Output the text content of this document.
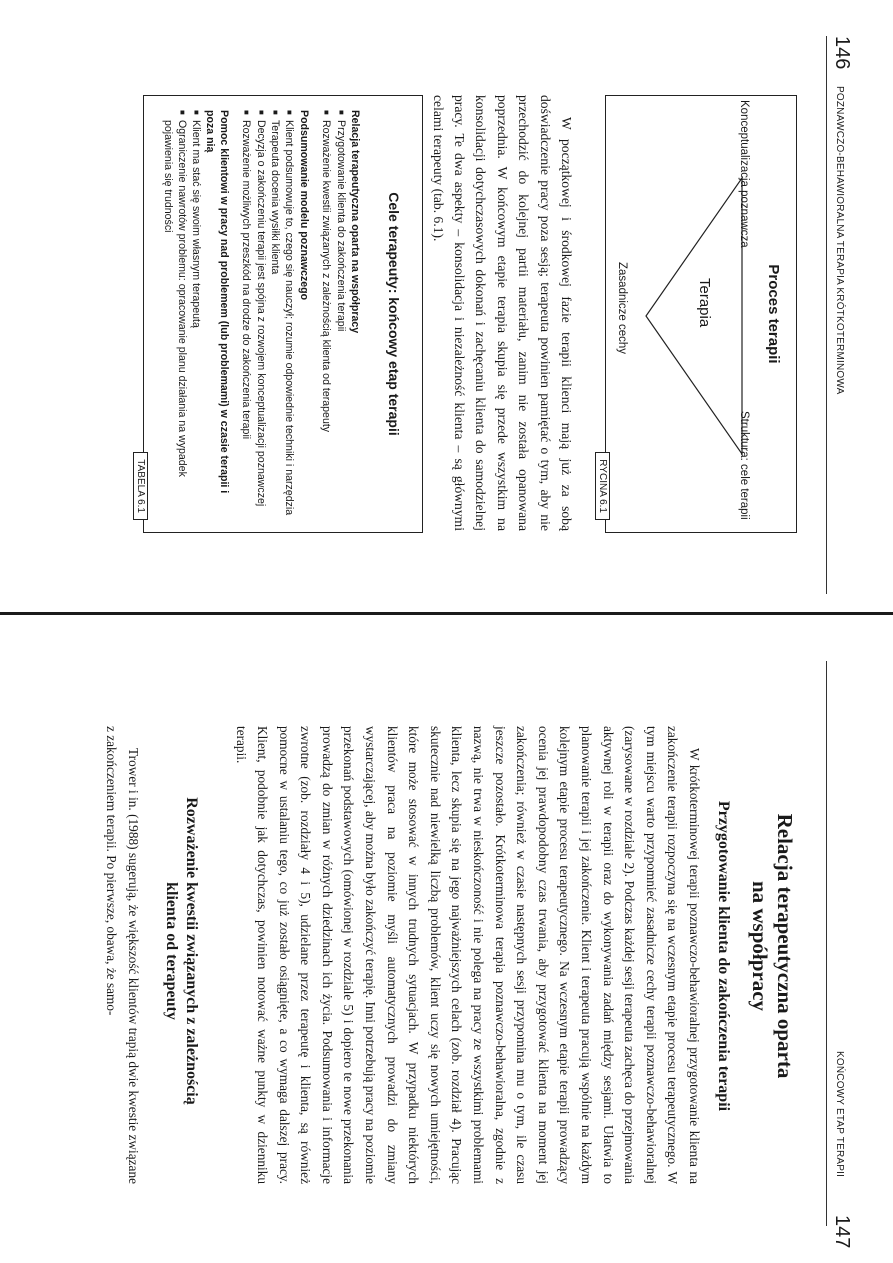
146
POZNAWCZO-BEHAWIORALNA TERAPIA KRÓTKOTERMINOWA
Proces terapii
Konceptualizacja poznawcza
Struktura: cele terapii
Terapia
Zasadnicze cechy
RYCINA 6.1
W początkowej i środkowej fazie terapii klienci mają już za sobą doświadczenie pracy poza sesją; terapeuta powinien pamiętać o tym, aby nie przechodzić do kolejnej partii materiału, zanim nie została opanowana poprzednia. W końcowym etapie terapia skupia się przede wszystkim na konsolidacji dotychczasowych dokonań i zachęcaniu klienta do samodzielnej pracy. Te dwa aspekty – konsolidacja i niezależność klienta – są głównymi celami terapeuty (tab. 6.1).
Cele terapeuty: końcowy etap terapii
Relacja terapeutyczna oparta na współpracy
■ Przygotowanie klienta do zakończenia terapii
■ Rozważenie kwestii związanych z zależnością klienta od terapeuty
Podsumowanie modelu poznawczego
■ Klient podsumowuje to, czego się nauczył; rozumie odpowiednie techniki i narzędzia
■ Terapeuta docenia wysiłki klienta
■ Decyzja o zakończeniu terapii jest spójna z rozwojem konceptualizacji poznawczej
■ Rozważenie możliwych przeszkód na drodze do zakończenia terapii
Pomoc klientowi w pracy nad problemem (lub problemami) w czasie terapii i poza nią
■ Klient ma stać się swoim własnym terapeutą
■ Ograniczenie nawrotów problemu: opracowanie planu działania na wypadek pojawienia się trudności
TABELA 6.1
KOŃCOWY ETAP TERAPII
147
Relacja terapeutyczna oparta
na współpracy
Przygotowanie klienta do zakończenia terapii
W krótkoterminowej terapii poznawczo-behawioralnej przygotowanie klienta na zakończenie terapii rozpoczyna się na wczesnym etapie procesu terapeutycznego. W tym miejscu warto przypomnieć zasadnicze cechy terapii poznawczo-behawioralnej (zarysowane w rozdziale 2). Podczas każdej sesji terapeuta zachęca do przejmowania aktywnej roli w terapii oraz do wykonywania zadań między sesjami. Ułatwia to planowanie terapii i jej zakończenie. Klient i terapeuta pracują wspólnie na każdym kolejnym etapie procesu terapeutycznego. Na wczesnym etapie terapii prowadzący ocenia jej prawdopodobny czas trwania, aby przygotować klienta na moment jej zakończenia; również w czasie następnych sesji przypomina mu o tym, ile czasu jeszcze pozostało. Krótkoterminowa terapia poznawczo-behawioralna, zgodnie z nazwą, nie trwa w nieskończoność i nie polega na pracy ze wszystkimi problemami klienta, lecz skupia się na jego najważniejszych celach (zob. rozdział 4). Pracując skutecznie nad niewielką liczbą problemów, klient uczy się nowych umiejętności, które może stosować w innych trudnych sytuacjach. W przypadku niektórych klientów praca na poziomie myśli automatycznych prowadzi do zmiany wystarczającej, aby można było zakończyć terapię. Inni potrzebują pracy na poziomie przekonań podstawowych (omówionej w rozdziale 5) i dopiero te nowe przekonania prowadzą do zmian w różnych dziedzinach ich życia. Podsumowania i informacje zwrotne (zob. rozdziały 4 i 5), udzielane przez terapeutę i klienta, są również pomocne w ustalaniu tego, co już zostało osiągnięte, a co wymaga dalszej pracy. Klient, podobnie jak dotychczas, powinien notować ważne punkty w dzienniku terapii.
Rozważenie kwestii związanych z zależnością
klienta od terapeuty
Trower i in. (1988) sugerują, że większość klientów trapią dwie kwestie związane z zakończeniem terapii. Po pierwsze, obawa, że samo-
